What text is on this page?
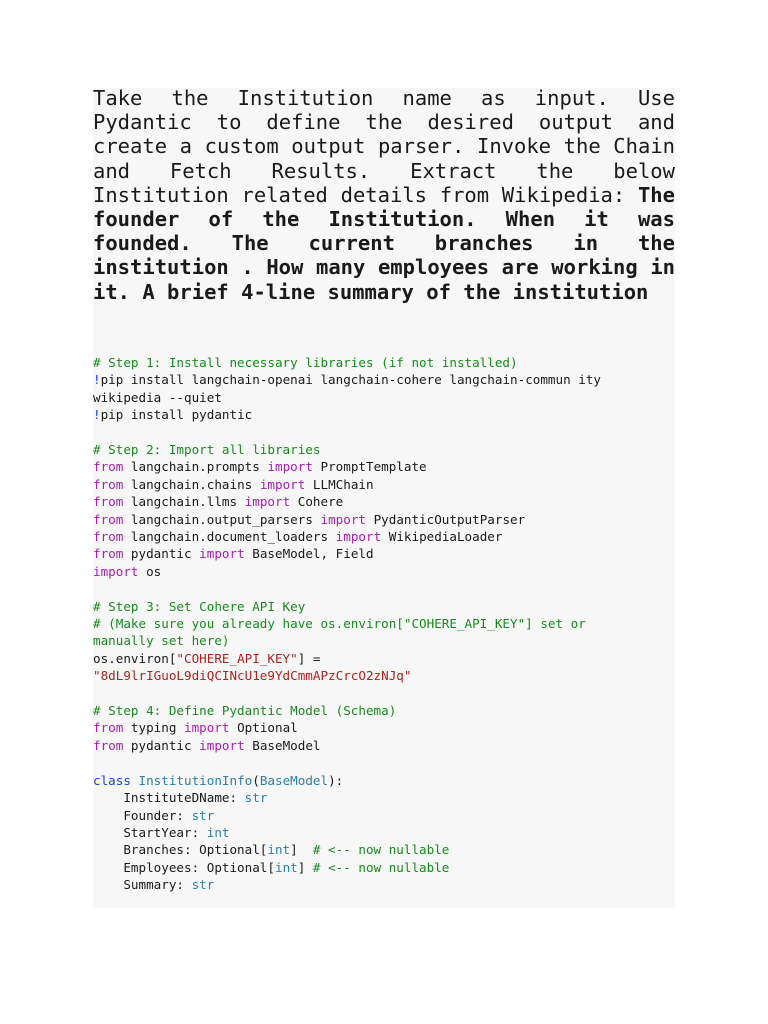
Take the Institution name as input. Use Pydantic to define the desired output and create a custom output parser. Invoke the Chain and Fetch Results. Extract the below Institution related details from Wikipedia: The founder of the Institution. When it was founded. The current branches in the institution . How many employees are working in it. A brief 4-line summary of the institution

# Step 1: Install necessary libraries (if not installed)
!pip install langchain-openai langchain-cohere langchain-commun ity
wikipedia --quiet
!pip install pydantic
# Step 2: Import all libraries
from langchain.prompts import PromptTemplate
from langchain.chains import LLMChain
from langchain.llms import Cohere
from langchain.output_parsers import PydanticOutputParser
from langchain.document_loaders import WikipediaLoader
from pydantic import BaseModel, Field
import os
# Step 3: Set Cohere API Key
# (Make sure you already have os.environ["COHERE_API_KEY"] set or
manually set here)
os.environ["COHERE_API_KEY"] =
"8dL9lrIGuoL9diQCINcU1e9YdCmmAPzCrcO2zNJq"
# Step 4: Define Pydantic Model (Schema)
from typing import Optional
from pydantic import BaseModel
class InstitutionInfo(BaseModel):
InstituteDName: str
Founder: str
StartYear: int
Branches: Optional[int]  # <-- now nullable
Employees: Optional[int] # <-- now nullable
Summary: str
